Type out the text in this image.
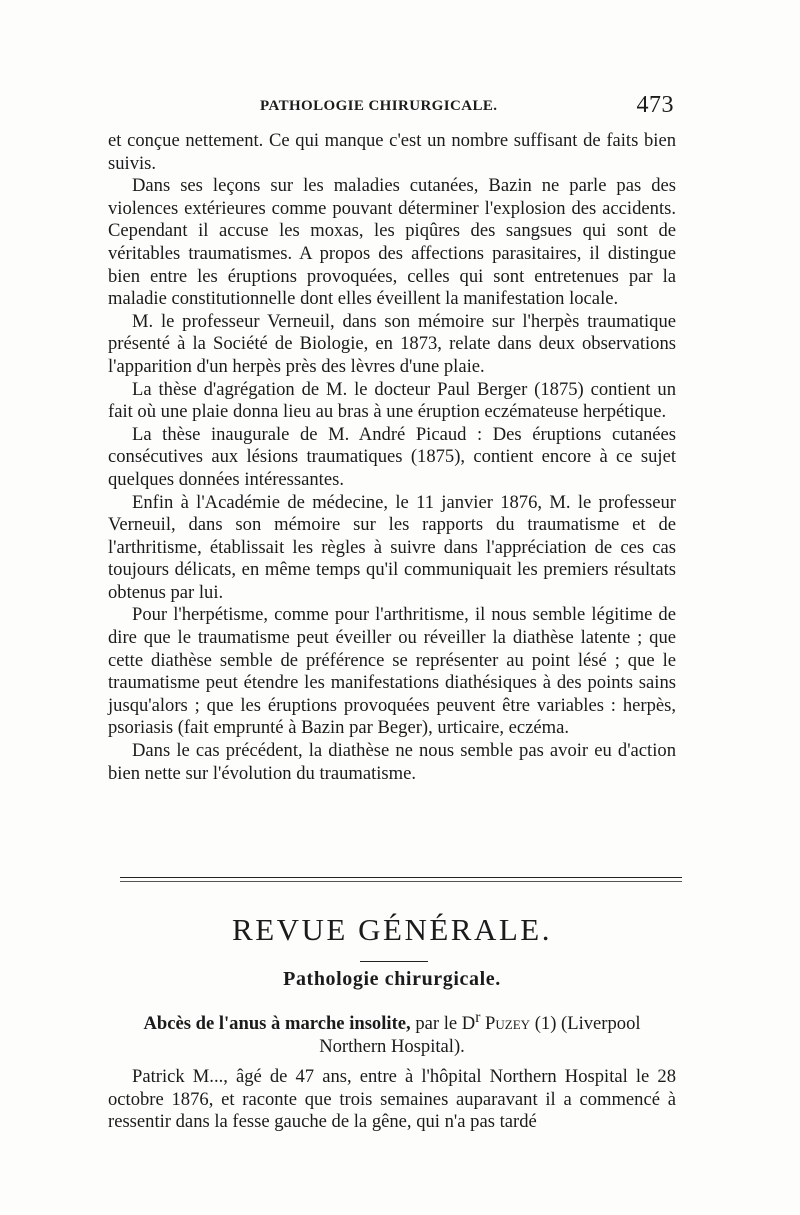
PATHOLOGIE CHIRURGICALE.	473

et conçue nettement. Ce qui manque c'est un nombre suffisant de faits bien suivis.

Dans ses leçons sur les maladies cutanées, Bazin ne parle pas des violences extérieures comme pouvant déterminer l'explosion des accidents. Cependant il accuse les moxas, les piqûres des sangsues qui sont de véritables traumatismes. A propos des affections parasitaires, il distingue bien entre les éruptions provoquées, celles qui sont entretenues par la maladie constitutionnelle dont elles éveillent la manifestation locale.

M. le professeur Verneuil, dans son mémoire sur l'herpès traumatique présenté à la Société de Biologie, en 1873, relate dans deux observations l'apparition d'un herpès près des lèvres d'une plaie.

La thèse d'agrégation de M. le docteur Paul Berger (1875) contient un fait où une plaie donna lieu au bras à une éruption eczémateuse herpétique.

La thèse inaugurale de M. André Picaud : Des éruptions cutanées consécutives aux lésions traumatiques (1875), contient encore à ce sujet quelques données intéressantes.

Enfin à l'Académie de médecine, le 11 janvier 1876, M. le professeur Verneuil, dans son mémoire sur les rapports du traumatisme et de l'arthritisme, établissait les règles à suivre dans l'appréciation de ces cas toujours délicats, en même temps qu'il communiquait les premiers résultats obtenus par lui.

Pour l'herpétisme, comme pour l'arthritisme, il nous semble légitime de dire que le traumatisme peut éveiller ou réveiller la diathèse latente ; que cette diathèse semble de préférence se représenter au point lésé ; que le traumatisme peut étendre les manifestations diathésiques à des points sains jusqu'alors ; que les éruptions provoquées peuvent être variables : herpès, psoriasis (fait emprunté à Bazin par Beger), urticaire, eczéma.

Dans le cas précédent, la diathèse ne nous semble pas avoir eu d'action bien nette sur l'évolution du traumatisme.

REVUE GÉNÉRALE.
Pathologie chirurgicale.
Abcès de l'anus à marche insolite, par le $D^r$ Puzey (1) (Liverpool Northern Hospital).

Patrick M..., âgé de 47 ans, entre à l'hôpital Northern Hospital le 28 octobre 1876, et raconte que trois semaines auparavant il a commencé à ressentir dans la fesse gauche de la gêne, qui n'a pas tardé
